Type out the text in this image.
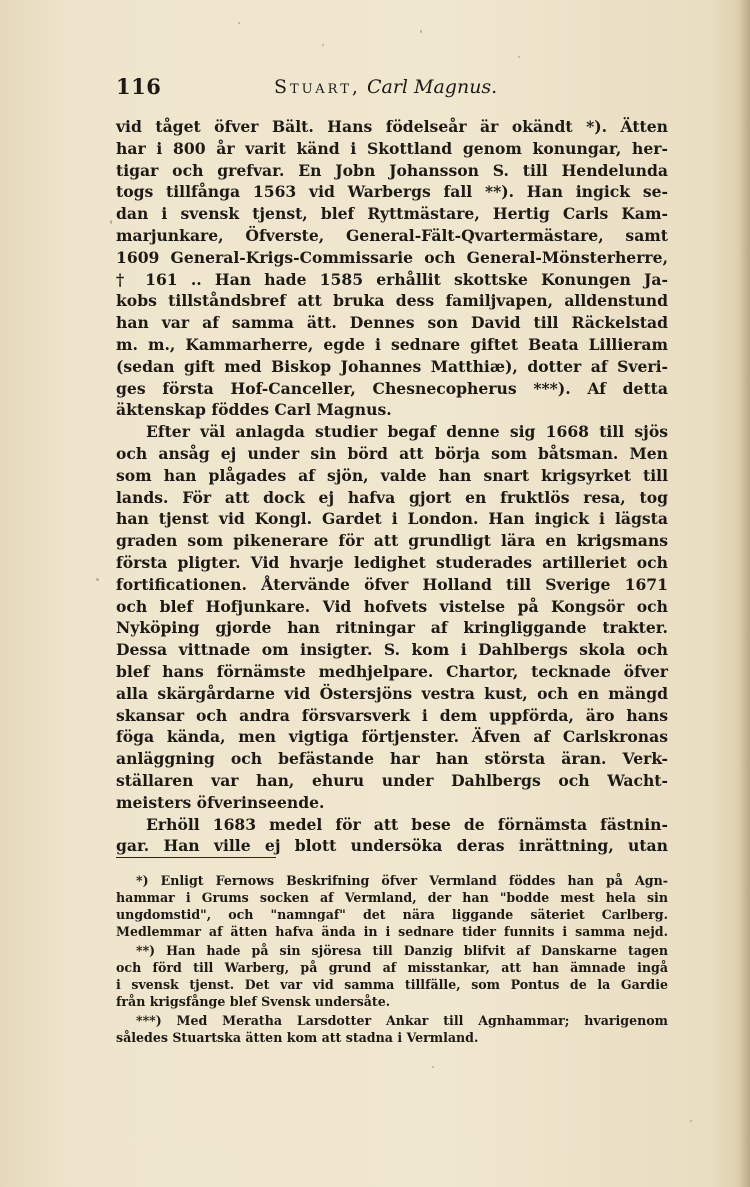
116	Stuart, Carl Magnus.
vid tåget öfver Bält. Hans födelseår är okändt *). Ätten
har i 800 år varit känd i Skottland genom konungar, her-
tigar och grefvar. En Jobn Johansson S. till Hendelunda
togs tillfånga 1563 vid Warbergs fall **). Han ingick se-
dan i svensk tjenst, blef Ryttmästare, Hertig Carls Kam-
marjunkare, Öfverste, General-Fält-Qvartermästare, samt
1609 General-Krigs-Commissarie och General-Mönsterherre,
† 161 .. Han hade 1585 erhållit skottske Konungen Ja-
kobs tillståndsbref att bruka dess familjvapen, alldenstund
han var af samma ätt. Dennes son David till Räckelstad
m. m., Kammarherre, egde i sednare giftet Beata Lillieram
(sedan gift med Biskop Johannes Matthiæ), dotter af Sveri-
ges första Hof-Canceller, Chesnecopherus ***). Af detta
äktenskap föddes Carl Magnus.
Efter väl anlagda studier begaf denne sig 1668 till sjös
och ansåg ej under sin börd att börja som båtsman. Men
som han plågades af sjön, valde han snart krigsyrket till
lands. För att dock ej hafva gjort en fruktlös resa, tog
han tjenst vid Kongl. Gardet i London. Han ingick i lägsta
graden som pikenerare för att grundligt lära en krigsmans
första pligter. Vid hvarje ledighet studerades artilleriet och
fortificationen. Återvände öfver Holland till Sverige 1671
och blef Hofjunkare. Vid hofvets vistelse på Kongsör och
Nyköping gjorde han ritningar af kringliggande trakter.
Dessa vittnade om insigter. S. kom i Dahlbergs skola och
blef hans förnämste medhjelpare. Chartor, tecknade öfver
alla skärgårdarne vid Östersjöns vestra kust, och en mängd
skansar och andra försvarsverk i dem uppförda, äro hans
föga kända, men vigtiga förtjenster. Äfven af Carlskronas
anläggning och befästande har han största äran. Verk-
ställaren var han, ehuru under Dahlbergs och Wacht-
meisters öfverinseende.
Erhöll 1683 medel för att bese de förnämsta fästnin-
gar. Han ville ej blott undersöka deras inrättning, utan
*) Enligt Fernows Beskrifning öfver Vermland föddes han på Agn-
hammar i Grums socken af Vermland, der han "bodde mest hela sin
ungdomstid", och "namngaf" det nära liggande säteriet Carlberg.
Medlemmar af ätten hafva ända in i sednare tider funnits i samma nejd.
**) Han hade på sin sjöresa till Danzig blifvit af Danskarne tagen
och förd till Warberg, på grund af misstankar, att han ämnade ingå
i svensk tjenst. Det var vid samma tillfälle, som Pontus de la Gardie
från krigsfånge blef Svensk undersåte.
***) Med Meratha Larsdotter Ankar till Agnhammar; hvarigenom
således Stuartska ätten kom att stadna i Vermland.
